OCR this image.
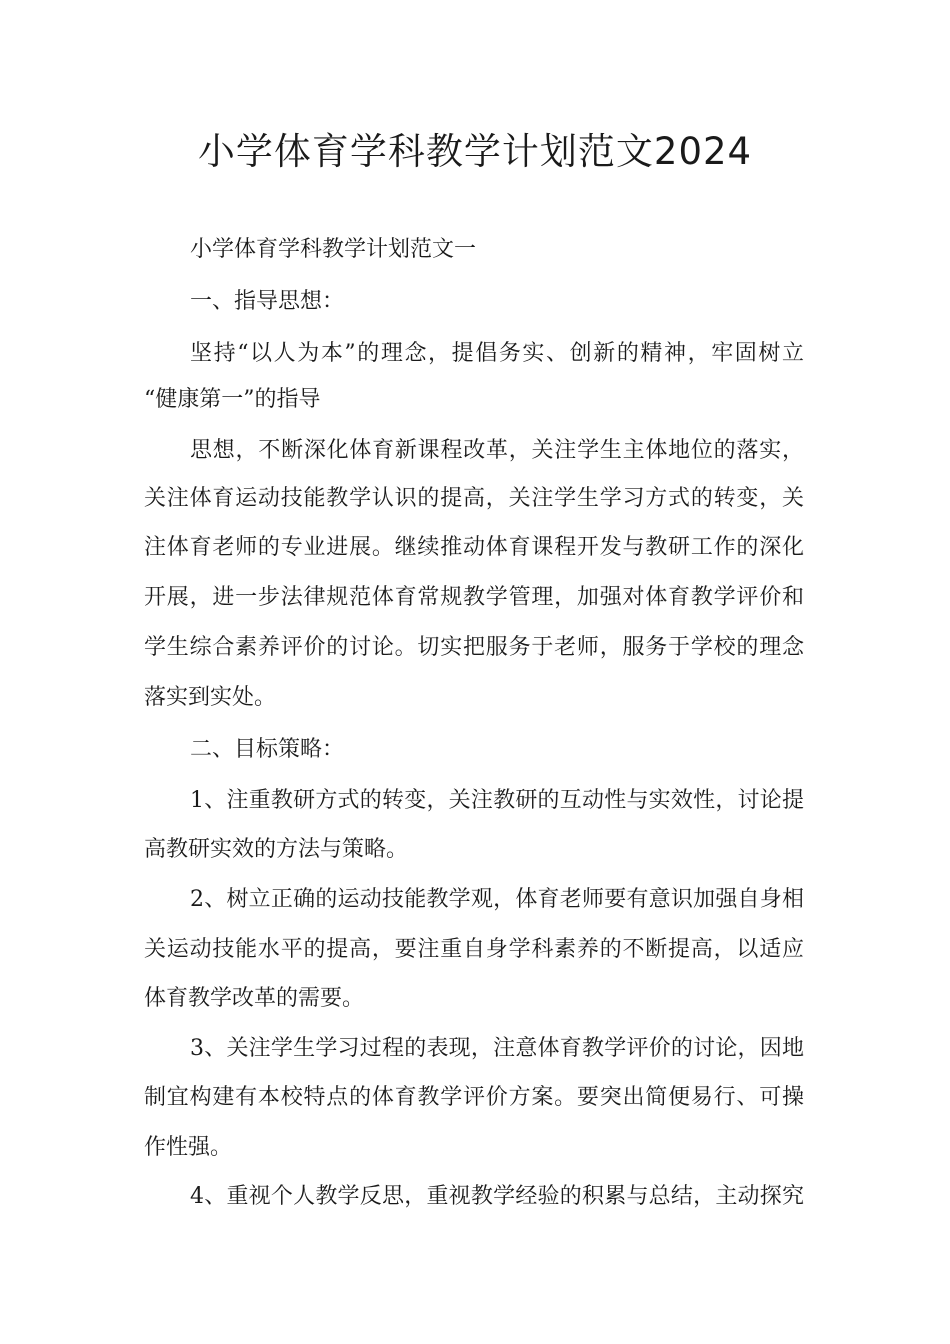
小学体育学科教学计划范文2024

小学体育学科教学计划范文一

一、指导思想：

坚持“以人为本”的理念，提倡务实、创新的精神，牢固树立

“健康第一”的指导

思想，不断深化体育新课程改革，关注学生主体地位的落实，

关注体育运动技能教学认识的提高，关注学生学习方式的转变，关

注体育老师的专业进展。继续推动体育课程开发与教研工作的深化

开展，进一步法律规范体育常规教学管理，加强对体育教学评价和

学生综合素养评价的讨论。切实把服务于老师，服务于学校的理念

落实到实处。

二、目标策略：

1、注重教研方式的转变，关注教研的互动性与实效性，讨论提

高教研实效的方法与策略。

2、树立正确的运动技能教学观，体育老师要有意识加强自身相

关运动技能水平的提高，要注重自身学科素养的不断提高，以适应

体育教学改革的需要。

3、关注学生学习过程的表现，注意体育教学评价的讨论，因地

制宜构建有本校特点的体育教学评价方案。要突出简便易行、可操

作性强。

4、重视个人教学反思，重视教学经验的积累与总结，主动探究
